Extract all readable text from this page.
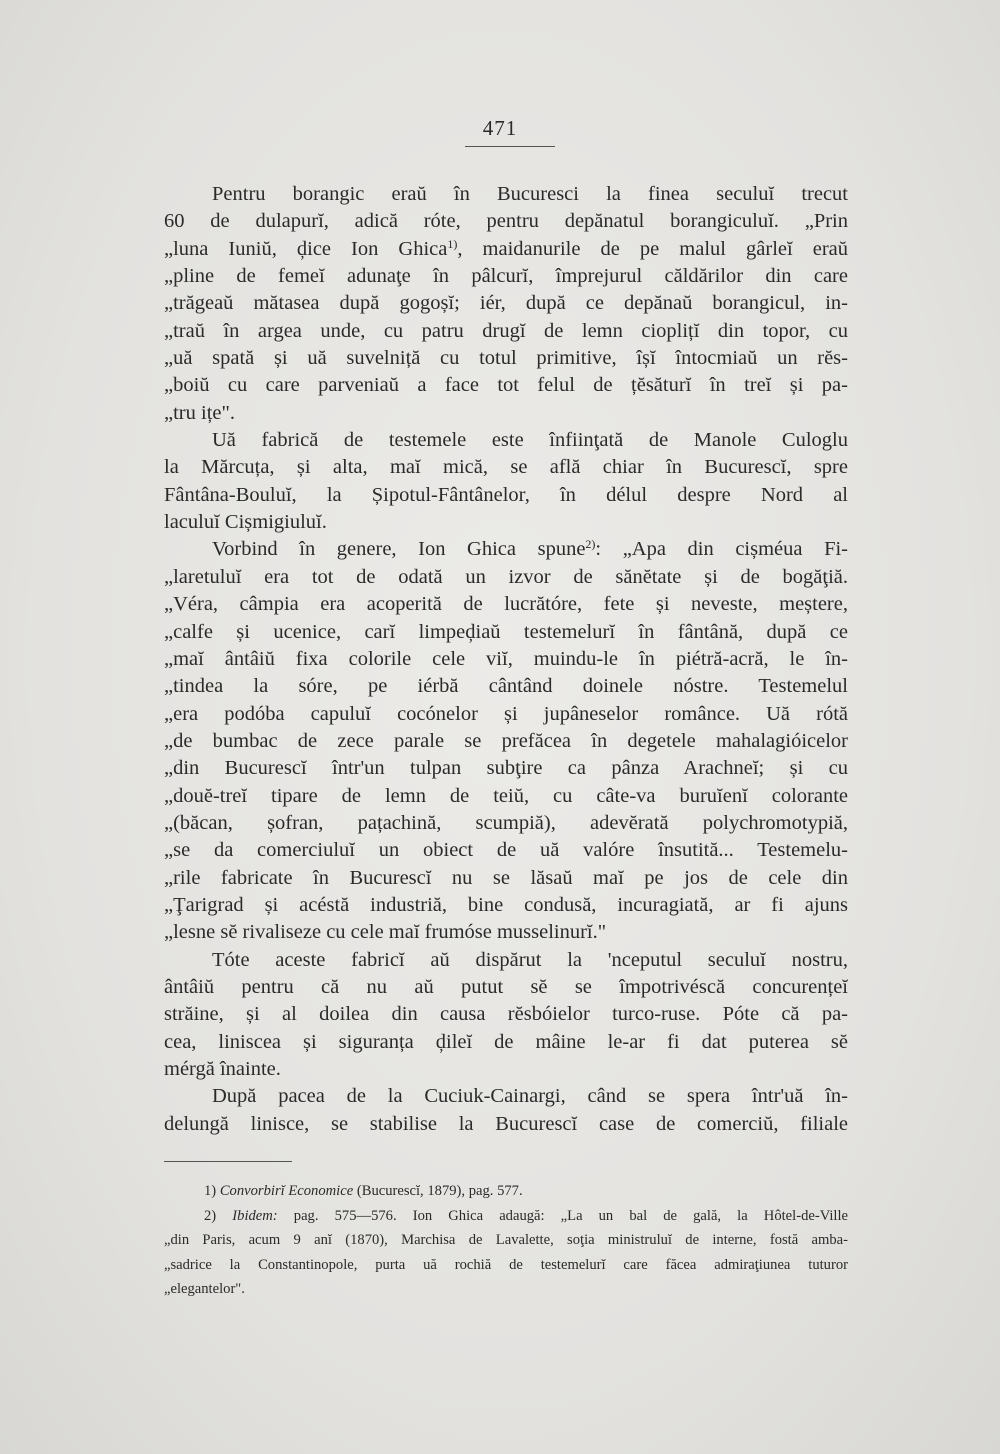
471
Pentru borangic eraŭ în Bucuresci la finea seculuĭ trecut
60 de dulapurĭ, adică róte, pentru depănatul borangiculuĭ. „Prin
„luna Iuniŭ, ḑice Ion Ghica$^{1)}$, maidanurile de pe malul gârleĭ eraŭ
„pline de femeĭ adunaţe în pâlcurĭ, împrejurul căldărilor din care
„trăgeaŭ mătasea după gogoșĭ; iér, după ce depănaŭ borangicul, in-
„traŭ în argea unde, cu patru drugĭ de lemn cioplițĭ din topor, cu
„uă spată și uă suvelniță cu totul primitive, îșĭ întocmiaŭ un rĕs-
„boiŭ cu care parveniaŭ a face tot felul de țĕsăturĭ în treĭ și pa-
„tru ițe".
Uă fabrică de testemele este înfiinţată de Manole Culoglu
la Mărcuța, și alta, maĭ mică, se află chiar în Bucurescĭ, spre
Fântâna-Bouluĭ, la Șipotul-Fântânelor, în délul despre Nord al
laculuĭ Cișmigiuluĭ.
Vorbind în genere, Ion Ghica spune$^{2)}$: „Apa din cișméua Fi-
„laretuluĭ era tot de odată un izvor de sănĕtate și de bogăţiă.
„Véra, câmpia era acoperită de lucrătóre, fete și neveste, meștere,
„calfe și ucenice, carĭ limpeḑiaŭ testemelurĭ în fântână, după ce
„maĭ ântâiŭ fixa colorile cele viĭ, muindu-le în piétră-acră, le în-
„tindea la sóre, pe iérbă cântând doinele nóstre. Testemelul
„era podóba capuluĭ cocónelor și jupâneselor românce. Uă rótă
„de bumbac de zece parale se prefăcea în degetele mahalagióicelor
„din Bucurescĭ într'un tulpan subţire ca pânza Arachneĭ; și cu
„douĕ-treĭ tipare de lemn de teiŭ, cu câte-va buruĭenĭ colorante
„(băcan, șofran, pațachină, scumpiă), adevĕrată polychromotypiă,
„se da comerciuluĭ un obiect de uă valóre însutită... Testemelu-
„rile fabricate în Bucurescĭ nu se lăsaŭ maĭ pe jos de cele din
„Ţarigrad și acéstă industriă, bine condusă, incuragiată, ar fi ajuns
„lesne sĕ rivaliseze cu cele maĭ frumóse musselinurĭ."
Tóte aceste fabricĭ aŭ dispărut la 'nceputul seculuĭ nostru,
ântâiŭ pentru că nu aŭ putut sĕ se împotrivéscă concurențeĭ
străine, și al doilea din causa rĕsbóielor turco-ruse. Póte că pa-
cea, liniscea și siguranța ḑileĭ de mâine le-ar fi dat puterea sĕ
mérgă înainte.
După pacea de la Cuciuk-Cainargi, când se spera într'uă în-
delungă linisce, se stabilise la Bucurescĭ case de comerciŭ, filiale
1) Convorbirĭ Economice (Bucurescĭ, 1879), pag. 577.
2) Ibidem: pag. 575—576. Ion Ghica adaugă: „La un bal de gală, la Hôtel-de-Ville
„din Paris, acum 9 anĭ (1870), Marchisa de Lavalette, soţia ministruluĭ de interne, fostă amba-
„sadrice la Constantinopole, purta uă rochiă de testemelurĭ care făcea admiraţiunea tuturor
„elegantelor".
